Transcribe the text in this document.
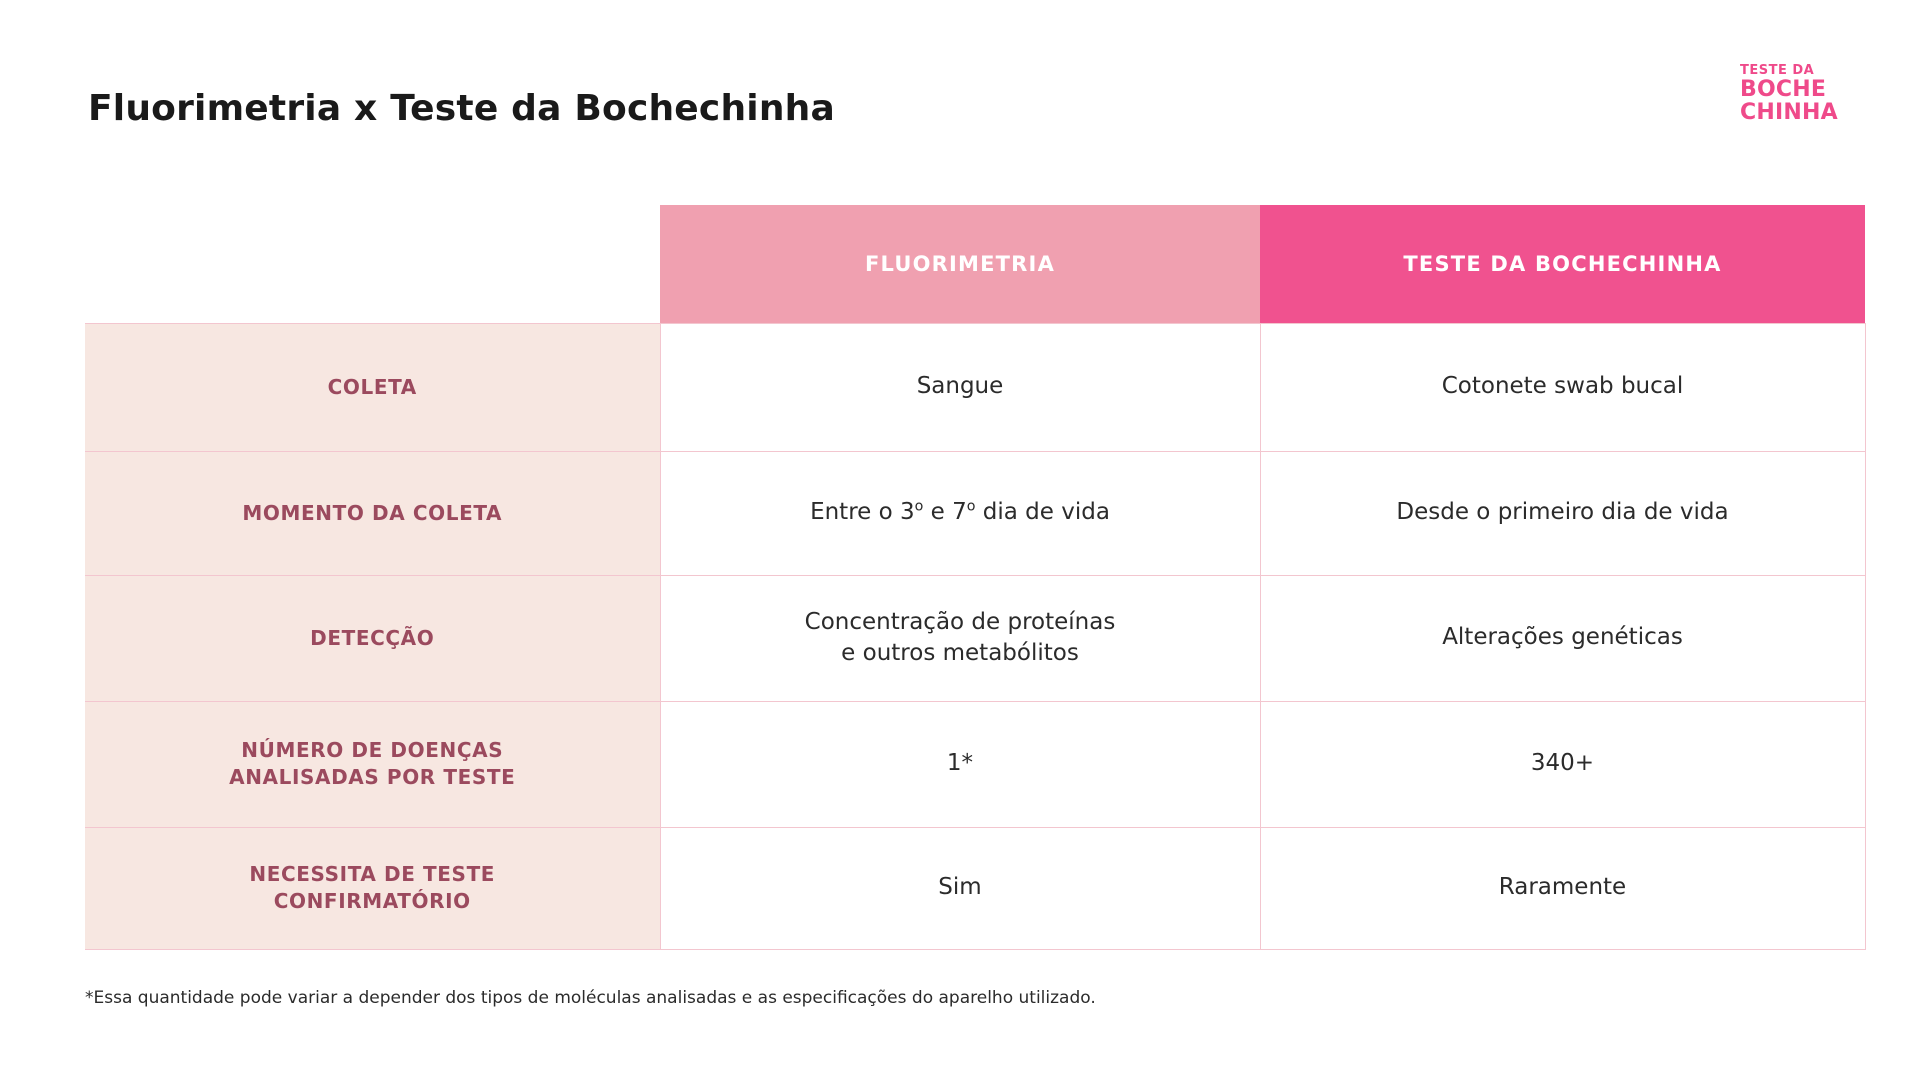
Fluorimetria x Teste da Bochechinha
TESTE DA
BOCHE
CHINHA
	FLUORIMETRIA	TESTE DA BOCHECHINHA
COLETA	Sangue	Cotonete swab bucal
MOMENTO DA COLETA	Entre o 3$^o$ e 7$^o$ dia de vida	Desde o primeiro dia de vida
DETECÇÃO	Concentração de proteínas
e outros metabólitos	Alterações genéticas

NÚMERO DE DOENÇAS
ANALISADAS POR TESTE	1*	340+

NECESSITA DE TESTE
CONFIRMATÓRIO	Sim	Raramente
*Essa quantidade pode variar a depender dos tipos de moléculas analisadas e as especificações do aparelho utilizado.
